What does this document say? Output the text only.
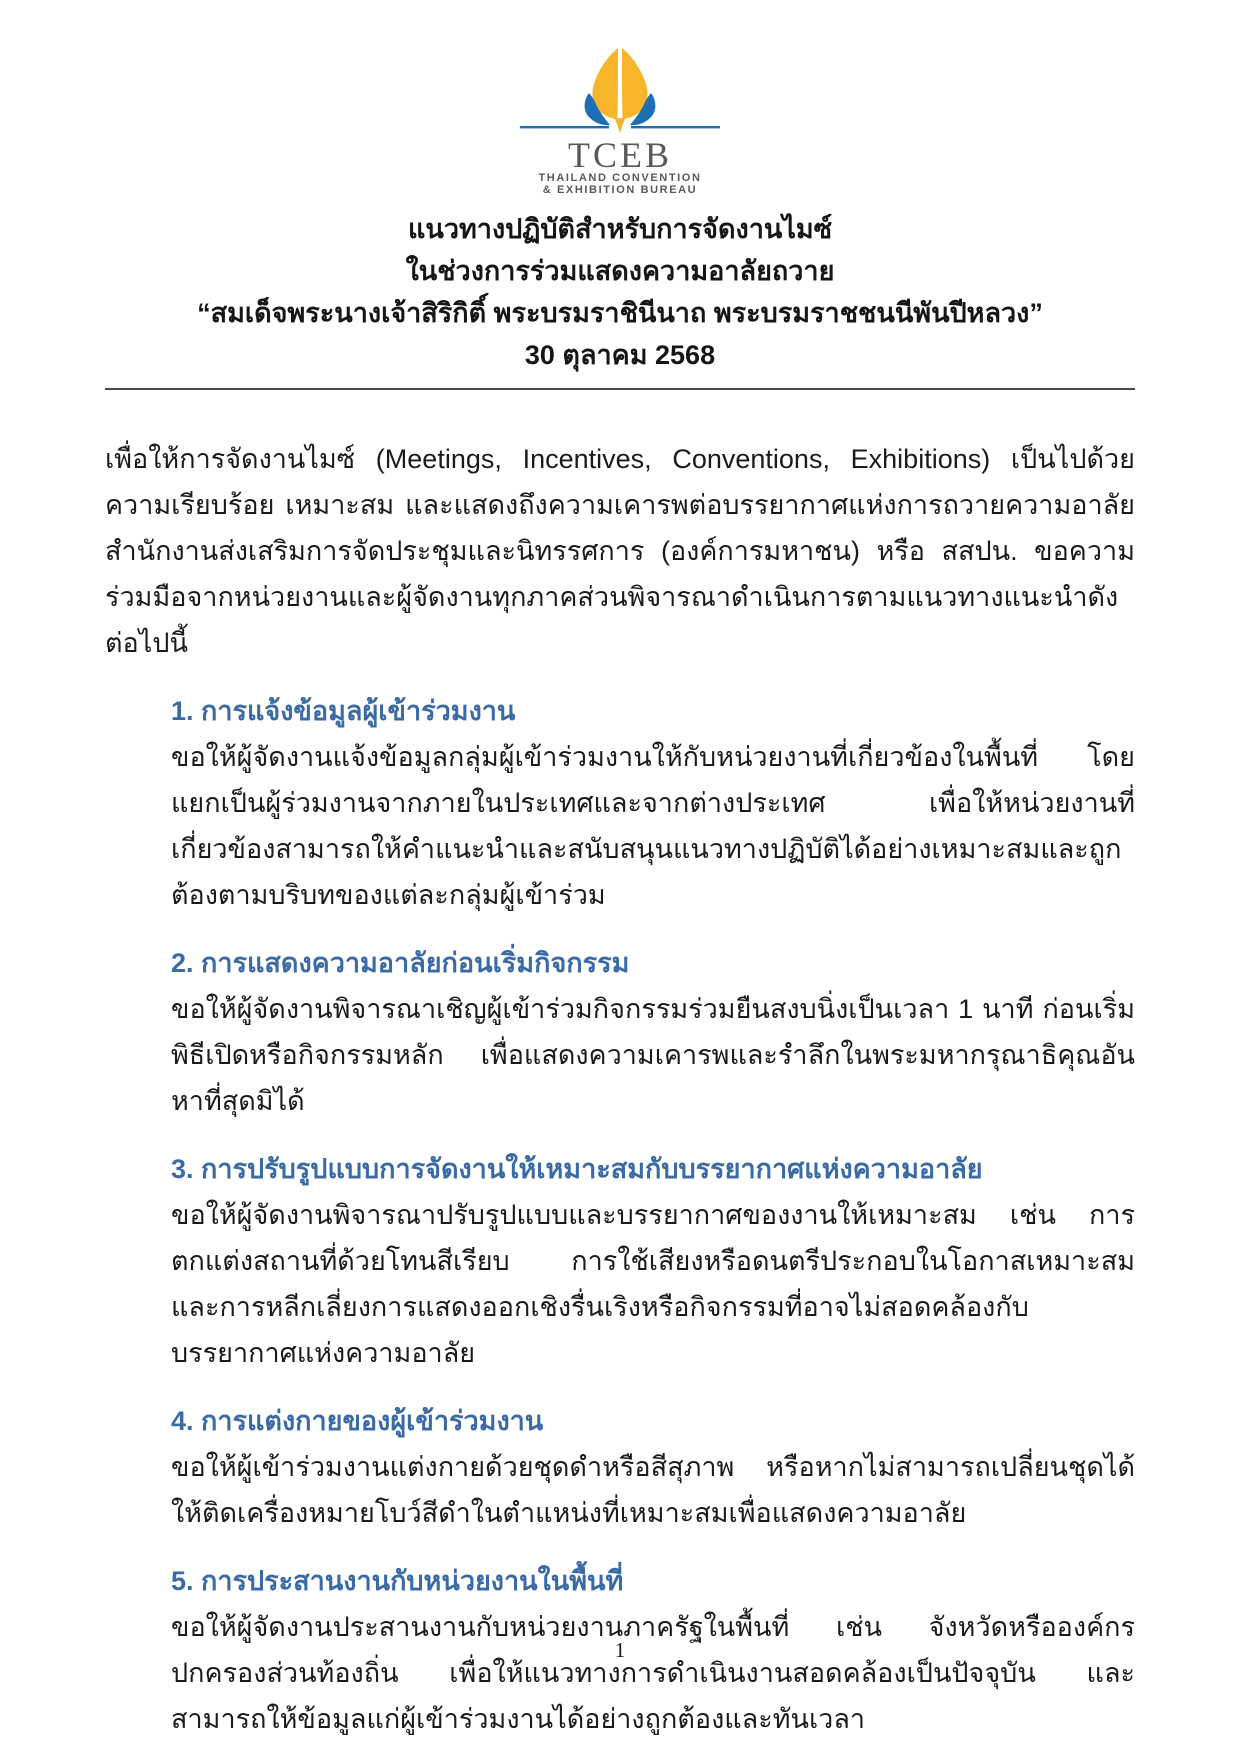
TCEB
THAILAND CONVENTION
& EXHIBITION BUREAU
แนวทางปฏิบัติสำหรับการจัดงานไมซ์
ในช่วงการร่วมแสดงความอาลัยถวาย
“สมเด็จพระนางเจ้าสิริกิติ์ พระบรมราชินีนาถ พระบรมราชชนนีพันปีหลวง”
30 ตุลาคม 2568

เพื่อให้การจัดงานไมซ์ (Meetings, Incentives, Conventions, Exhibitions) เป็นไปด้วยความเรียบร้อย เหมาะสม และแสดงถึงความเคารพต่อบรรยากาศแห่งการถวายความอาลัย สำนักงานส่งเสริมการจัดประชุมและนิทรรศการ (องค์การมหาชน) หรือ สสปน. ขอความร่วมมือจากหน่วยงานและผู้จัดงานทุกภาคส่วนพิจารณาดำเนินการตามแนวทางแนะนำดังต่อไปนี้

1. การแจ้งข้อมูลผู้เข้าร่วมงาน

ขอให้ผู้จัดงานแจ้งข้อมูลกลุ่มผู้เข้าร่วมงานให้กับหน่วยงานที่เกี่ยวข้องในพื้นที่ โดยแยกเป็นผู้ร่วมงานจากภายในประเทศและจากต่างประเทศ เพื่อให้หน่วยงานที่เกี่ยวข้องสามารถให้คำแนะนำและสนับสนุนแนวทางปฏิบัติได้อย่างเหมาะสมและถูกต้องตามบริบทของแต่ละกลุ่มผู้เข้าร่วม

2. การแสดงความอาลัยก่อนเริ่มกิจกรรม

ขอให้ผู้จัดงานพิจารณาเชิญผู้เข้าร่วมกิจกรรมร่วมยืนสงบนิ่งเป็นเวลา 1 นาที ก่อนเริ่มพิธีเปิดหรือกิจกรรมหลัก เพื่อแสดงความเคารพและรำลึกในพระมหากรุณาธิคุณอันหาที่สุดมิได้

3. การปรับรูปแบบการจัดงานให้เหมาะสมกับบรรยากาศแห่งความอาลัย

ขอให้ผู้จัดงานพิจารณาปรับรูปแบบและบรรยากาศของงานให้เหมาะสม เช่น การตกแต่งสถานที่ด้วยโทนสีเรียบ การใช้เสียงหรือดนตรีประกอบในโอกาสเหมาะสม และการหลีกเลี่ยงการแสดงออกเชิงรื่นเริงหรือกิจกรรมที่อาจไม่สอดคล้องกับบรรยากาศแห่งความอาลัย

4. การแต่งกายของผู้เข้าร่วมงาน

ขอให้ผู้เข้าร่วมงานแต่งกายด้วยชุดดำหรือสีสุภาพ หรือหากไม่สามารถเปลี่ยนชุดได้ ให้ติดเครื่องหมายโบว์สีดำในตำแหน่งที่เหมาะสมเพื่อแสดงความอาลัย

5. การประสานงานกับหน่วยงานในพื้นที่

ขอให้ผู้จัดงานประสานงานกับหน่วยงานภาครัฐในพื้นที่ เช่น จังหวัดหรือองค์กรปกครองส่วนท้องถิ่น เพื่อให้แนวทางการดำเนินงานสอดคล้องเป็นปัจจุบัน และสามารถให้ข้อมูลแก่ผู้เข้าร่วมงานได้อย่างถูกต้องและทันเวลา

1
